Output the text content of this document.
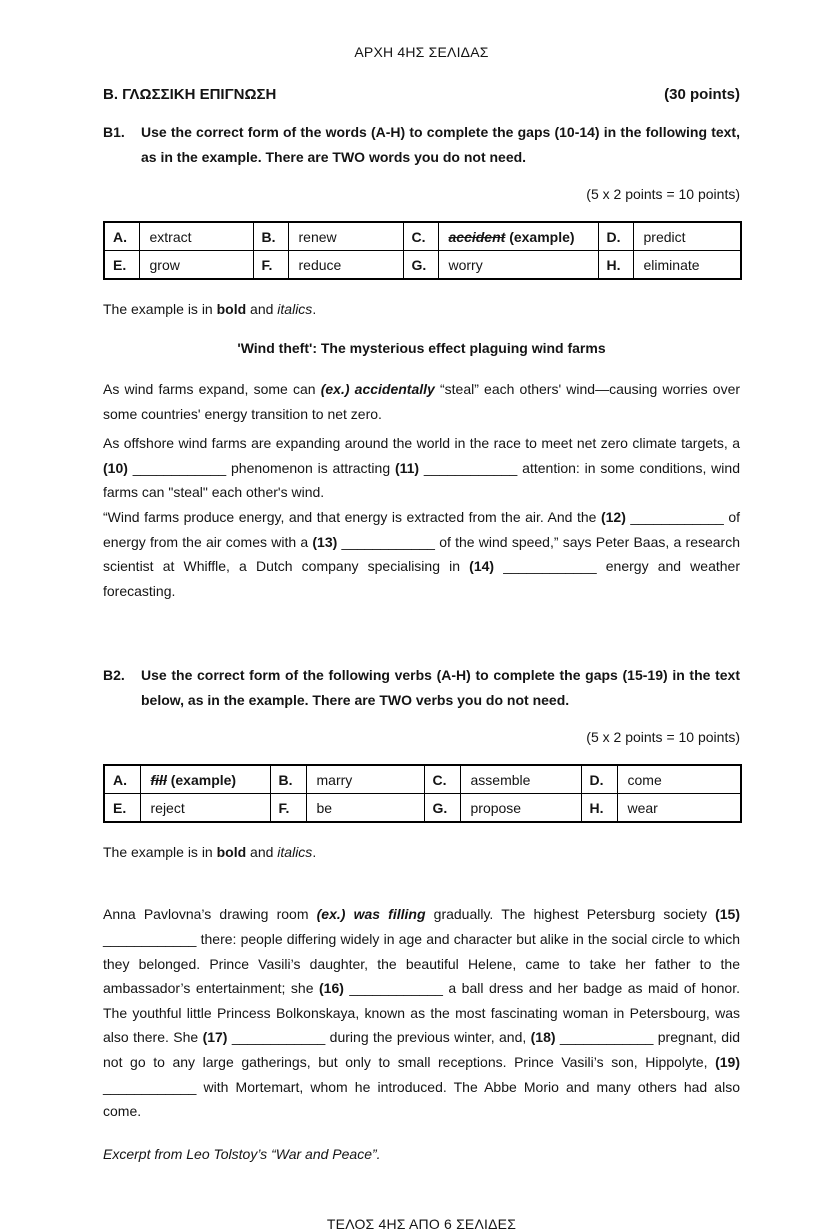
ΑΡΧΗ 4ΗΣ ΣΕΛΙΔΑΣ
Β. ΓΛΩΣΣΙΚΗ ΕΠΙΓΝΩΣΗ	(30 points)
B1.	Use the correct form of the words (A-H) to complete the gaps (10-14) in the following text, as in the example. There are TWO words you do not need.
(5 x 2 points = 10 points)
A.	extract	B.	renew	C.	accident (example)	D.	predict
E.	grow	F.	reduce	G.	worry	H.	eliminate
The example is in bold and italics.
'Wind theft': The mysterious effect plaguing wind farms

As wind farms expand, some can (ex.) accidentally “steal” each others' wind—causing worries over some countries' energy transition to net zero.

As offshore wind farms are expanding around the world in the race to meet net zero climate targets, a (10) ____________ phenomenon is attracting (11) ____________ attention: in some conditions, wind farms can "steal" each other's wind.

“Wind farms produce energy, and that energy is extracted from the air. And the (12) ____________ of energy from the air comes with a (13) ____________ of the wind speed,” says Peter Baas, a research scientist at Whiffle, a Dutch company specialising in (14) ____________ energy and weather forecasting.

B2.	Use the correct form of the following verbs (A-H) to complete the gaps (15-19) in the text below, as in the example. There are TWO verbs you do not need.
(5 x 2 points = 10 points)
A.	fill (example)	B.	marry	C.	assemble	D.	come
E.	reject	F.	be	G.	propose	H.	wear
The example is in bold and italics.

Anna Pavlovna’s drawing room (ex.) was filling gradually. The highest Petersburg society (15) ____________ there: people differing widely in age and character but alike in the social circle to which they belonged. Prince Vasili’s daughter, the beautiful Helene, came to take her father to the ambassador’s entertainment; she (16) ____________ a ball dress and her badge as maid of honor. The youthful little Princess Bolkonskaya, known as the most fascinating woman in Petersbourg, was also there. She (17) ____________ during the previous winter, and, (18) ____________ pregnant, did not go to any large gatherings, but only to small receptions. Prince Vasili’s son, Hippolyte, (19) ____________ with Mortemart, whom he introduced. The Abbe Morio and many others had also come.

Excerpt from Leo Tolstoy’s “War and Peace”.
ΤΕΛΟΣ 4ΗΣ ΑΠΟ 6 ΣΕΛΙΔΕΣ
